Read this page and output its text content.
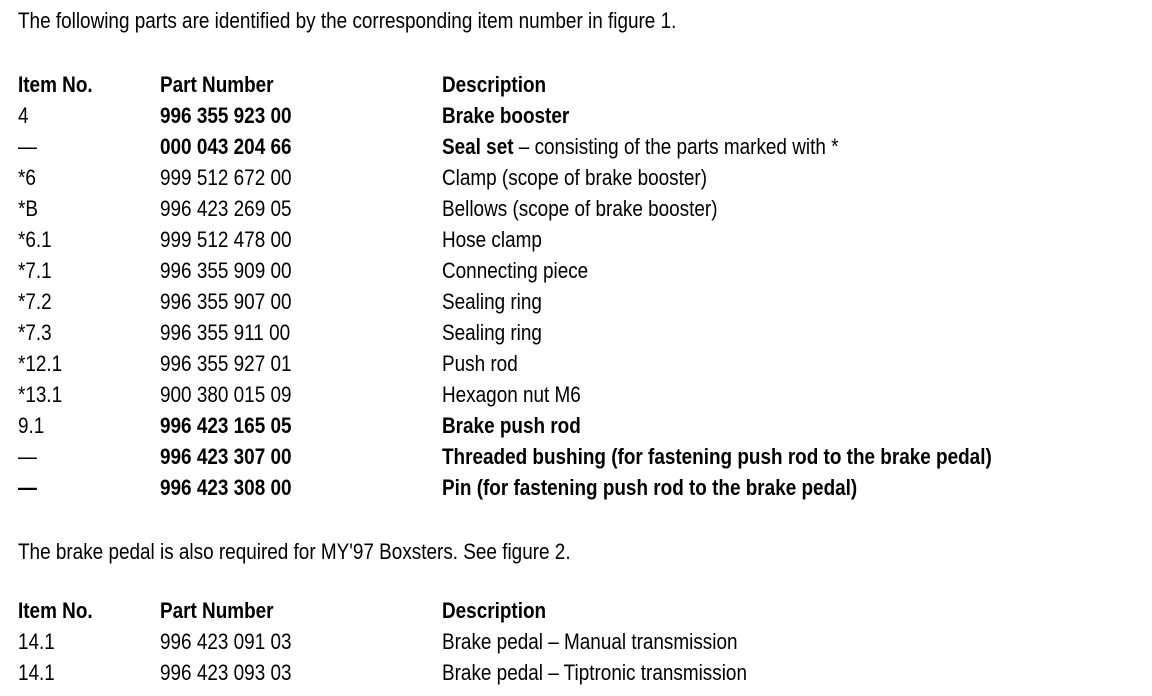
The following parts are identified by the corresponding item number in figure 1.
Item No.	Part Number	Description
4	996 355 923 00	Brake booster
—	000 043 204 66	Seal set – consisting of the parts marked with *
*6	999 512 672 00	Clamp (scope of brake booster)
*B	996 423 269 05	Bellows (scope of brake booster)
*6.1	999 512 478 00	Hose clamp
*7.1	996 355 909 00	Connecting piece
*7.2	996 355 907 00	Sealing ring
*7.3	996 355 911 00	Sealing ring
*12.1	996 355 927 01	Push rod
*13.1	900 380 015 09	Hexagon nut M6
9.1	996 423 165 05	Brake push rod
—	996 423 307 00	Threaded bushing (for fastening push rod to the brake pedal)
—	996 423 308 00	Pin (for fastening push rod to the brake pedal)
The brake pedal is also required for MY'97 Boxsters. See figure 2.
Item No.	Part Number	Description
14.1	996 423 091 03	Brake pedal – Manual transmission
14.1	996 423 093 03	Brake pedal – Tiptronic transmission
